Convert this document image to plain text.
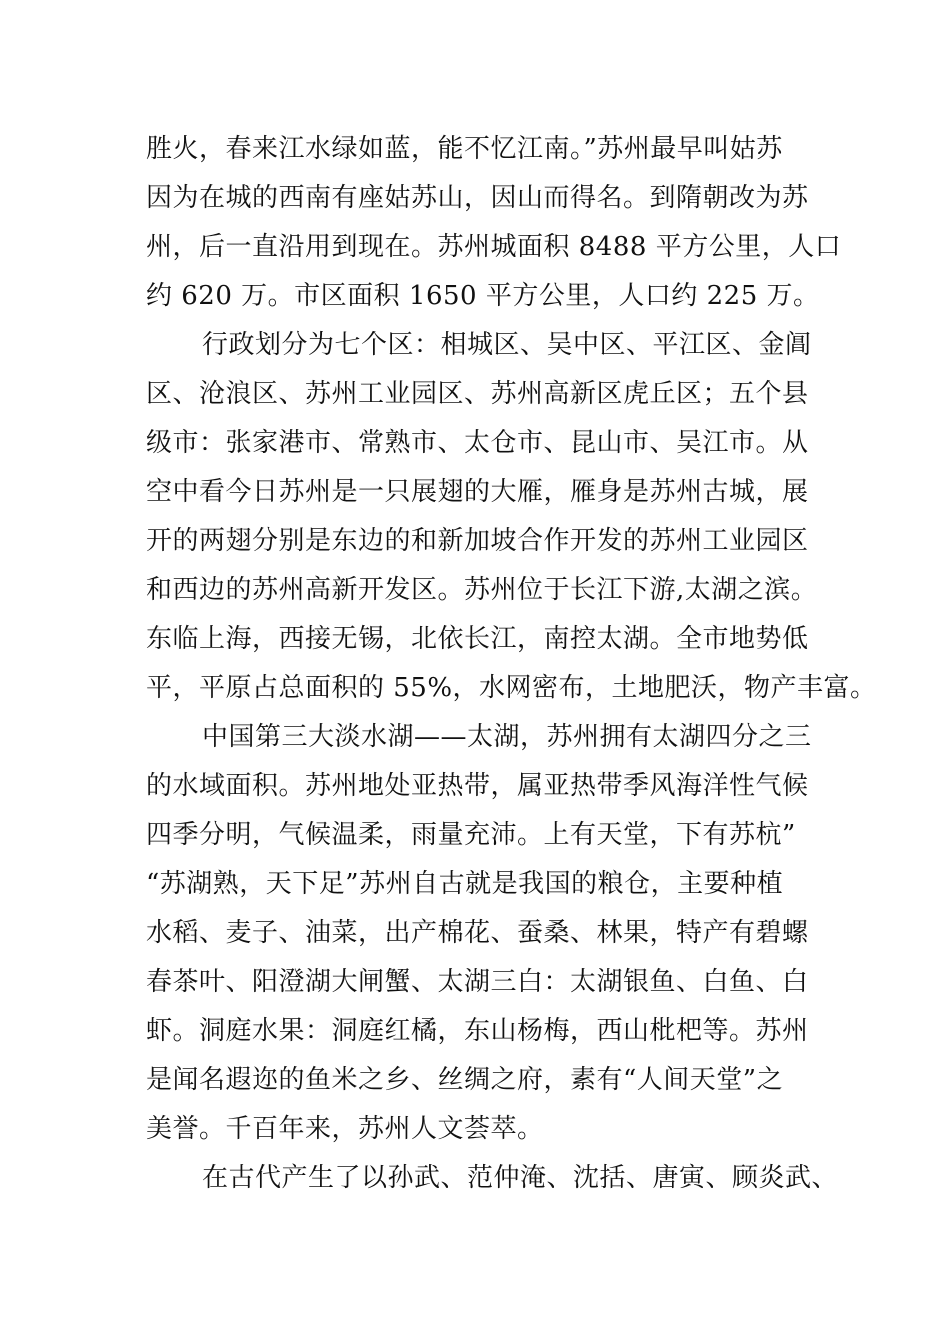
胜火，春来江水绿如蓝，能不忆江南。”苏州最早叫姑苏
因为在城的西南有座姑苏山，因山而得名。到隋朝改为苏
州，后一直沿用到现在。苏州城面积 8488 平方公里，人口
约 620 万。市区面积 1650 平方公里，人口约 225 万。
行政划分为七个区：相城区、吴中区、平江区、金阊
区、沧浪区、苏州工业园区、苏州高新区虎丘区；五个县
级市：张家港市、常熟市、太仓市、昆山市、吴江市。从
空中看今日苏州是一只展翅的大雁，雁身是苏州古城，展
开的两翅分别是东边的和新加坡合作开发的苏州工业园区
和西边的苏州高新开发区。苏州位于长江下游,太湖之滨。
东临上海，西接无锡，北依长江，南控太湖。全市地势低
平，平原占总面积的 55%，水网密布，土地肥沃，物产丰富。
中国第三大淡水湖——太湖，苏州拥有太湖四分之三
的水域面积。苏州地处亚热带，属亚热带季风海洋性气候
四季分明，气候温柔，雨量充沛。上有天堂，下有苏杭”
“苏湖熟，天下足”苏州自古就是我国的粮仓，主要种植
水稻、麦子、油菜，出产棉花、蚕桑、林果，特产有碧螺
春茶叶、阳澄湖大闸蟹、太湖三白：太湖银鱼、白鱼、白
虾。洞庭水果：洞庭红橘，东山杨梅，西山枇杷等。苏州
是闻名遐迩的鱼米之乡、丝绸之府，素有“人间天堂”之
美誉。千百年来，苏州人文荟萃。
在古代产生了以孙武、范仲淹、沈括、唐寅、顾炎武、
